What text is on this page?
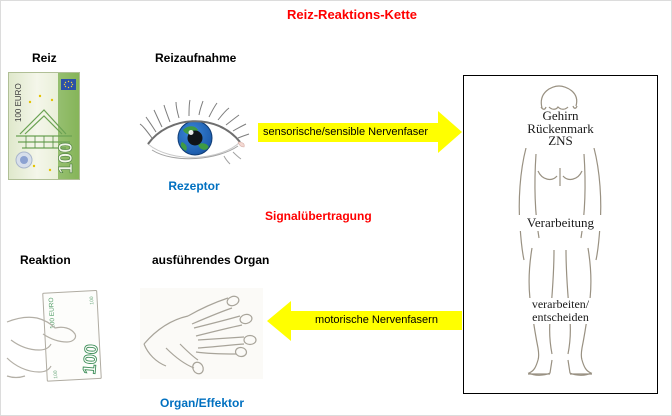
Reiz-Reaktions-Kette
Reiz	Reizaufnahme
100 EURO
100
Rezeptor
sensorische/sensible Nervenfaser
Signalübertragung
Reaktion	ausführendes Organ
100 EURO	100
100 100
motorische Nervenfasern
Organ/Effektor
Gehirn
Rückenmark
ZNS
Verarbeitung
verarbeiten/
entscheiden
